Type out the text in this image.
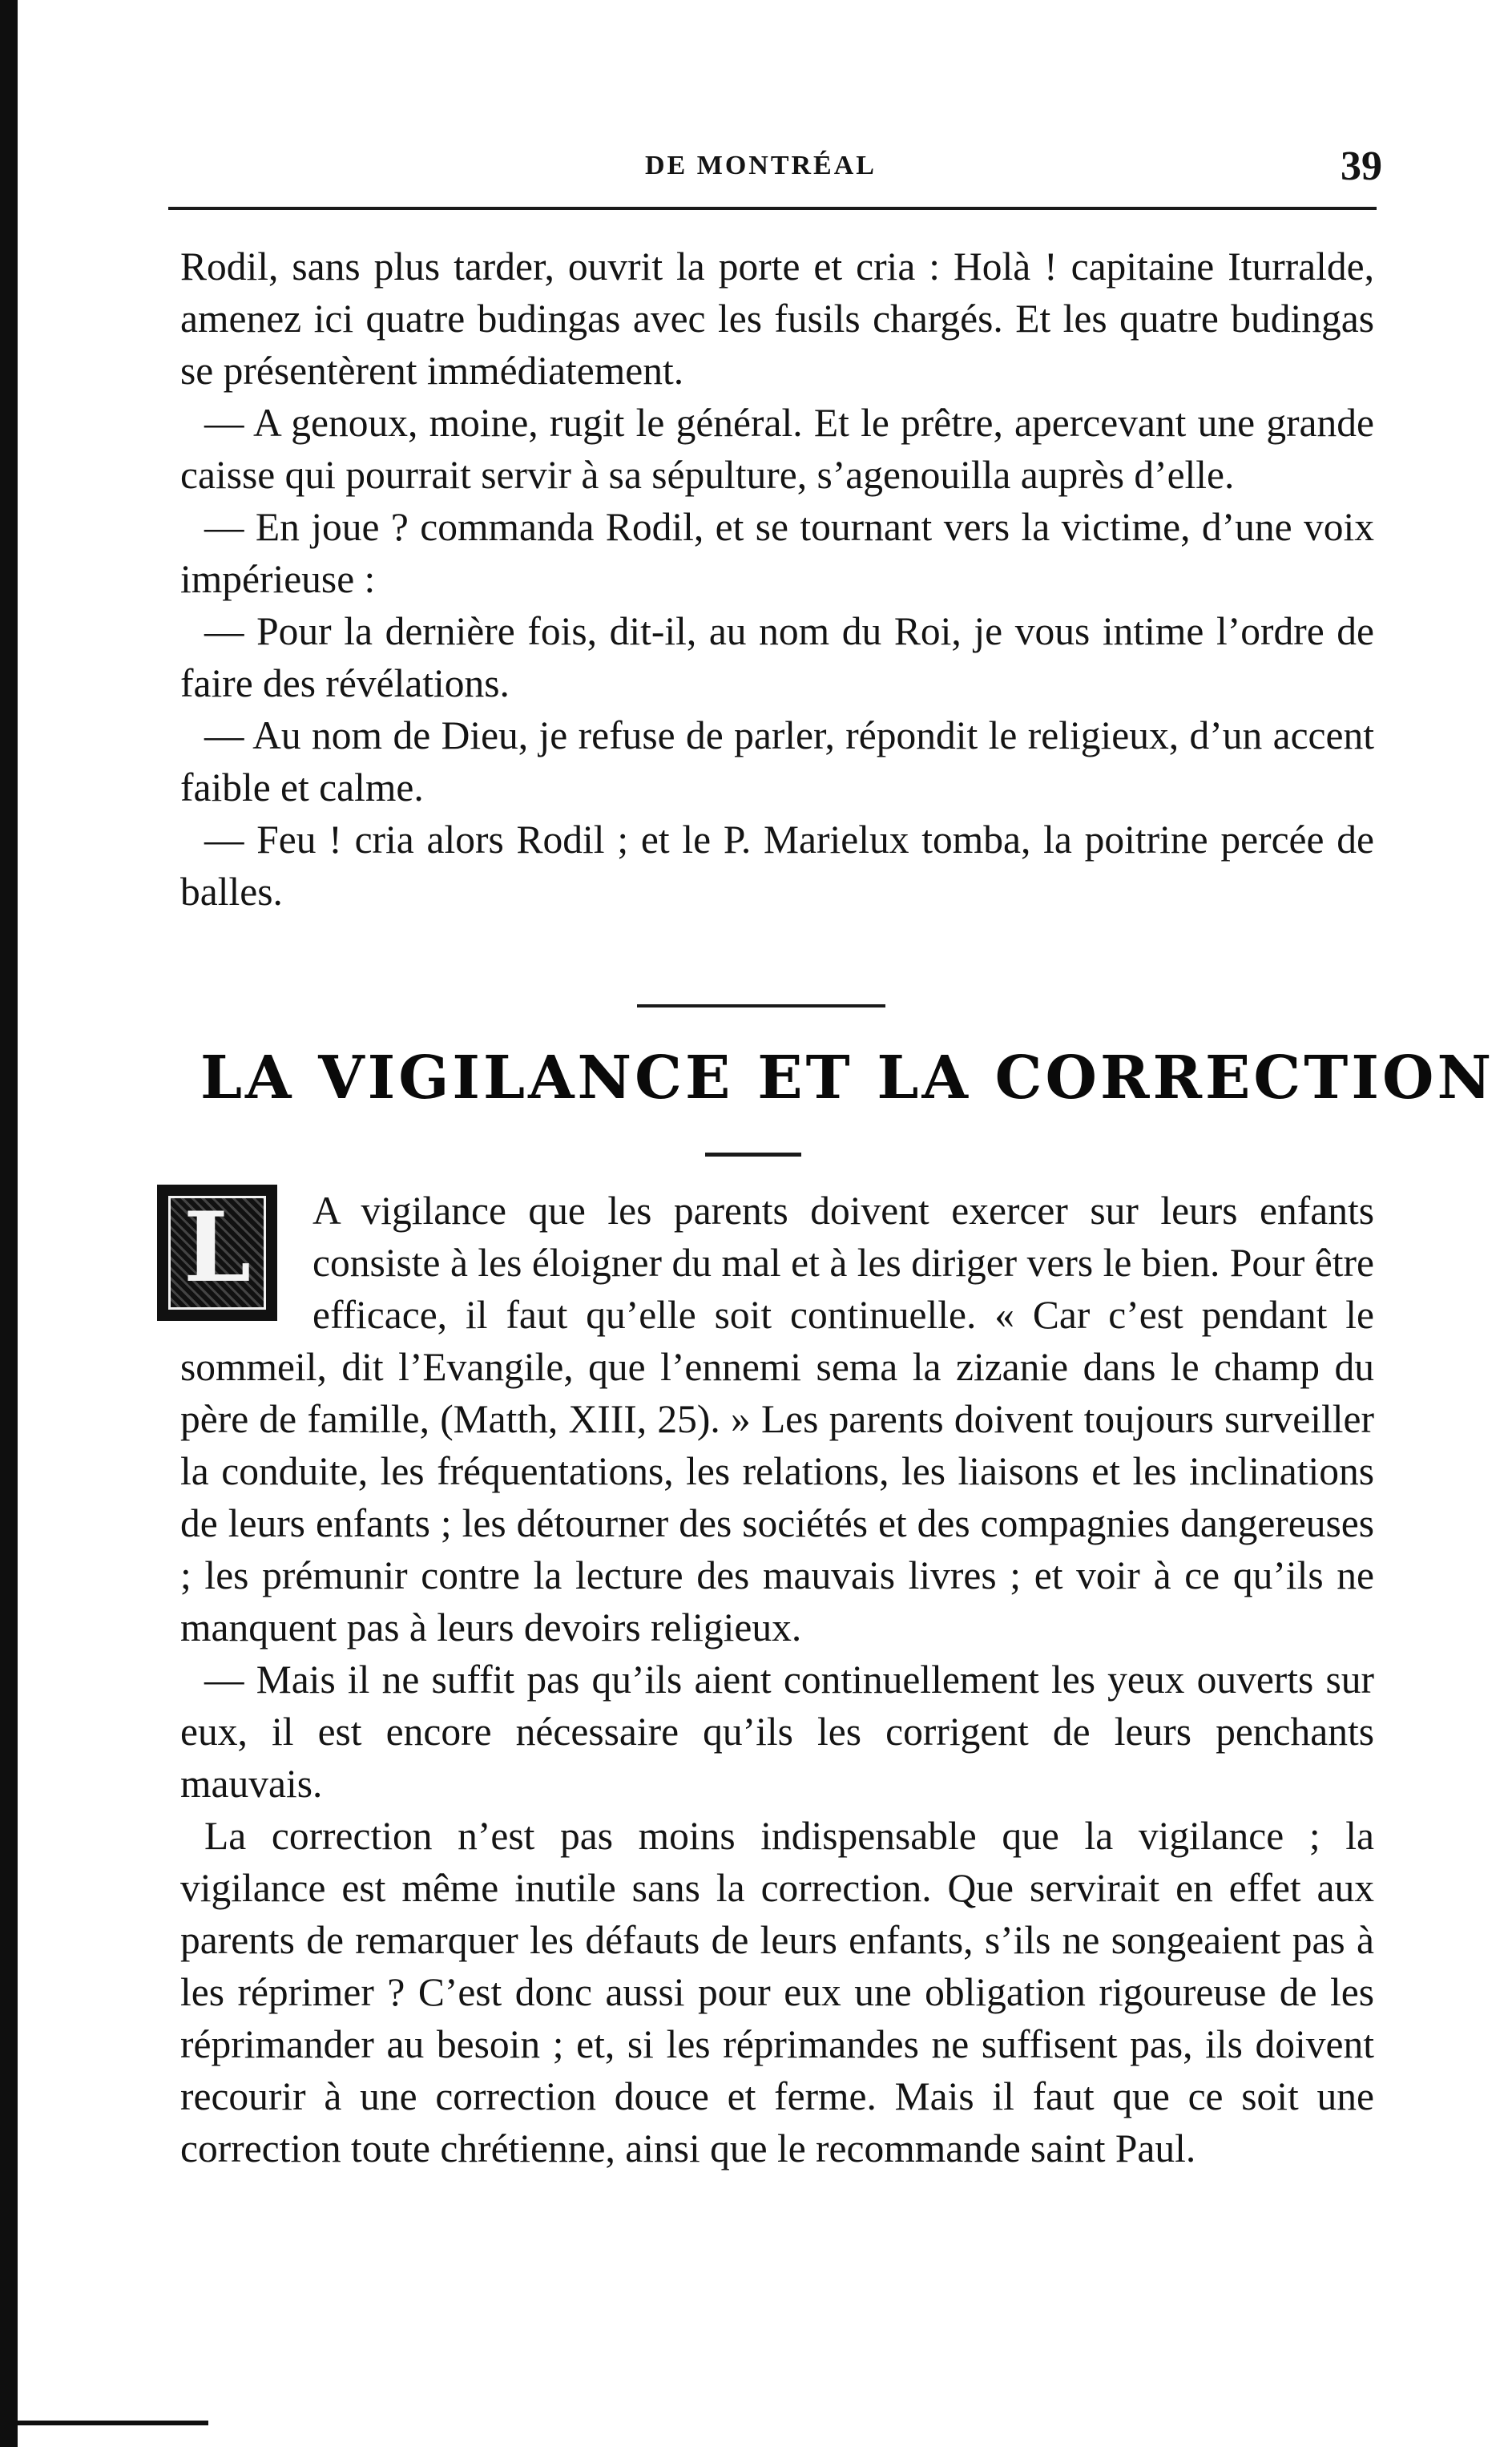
DE MONTRÉAL	39

Rodil, sans plus tarder, ouvrit la porte et cria : Holà ! capitaine Iturralde, amenez ici quatre budingas avec les fusils chargés. Et les quatre budingas se présentèrent immédiatement.

— A genoux, moine, rugit le général. Et le prêtre, apercevant une grande caisse qui pourrait servir à sa sépulture, s’agenouilla auprès d’elle.

— En joue ? commanda Rodil, et se tournant vers la victime, d’une voix impérieuse :

— Pour la dernière fois, dit-il, au nom du Roi, je vous intime l’ordre de faire des révélations.

— Au nom de Dieu, je refuse de parler, répondit le religieux, d’un accent faible et calme.

— Feu ! cria alors Rodil ; et le P. Marielux tomba, la poitrine percée de balles.

LA VIGILANCE ET LA CORRECTION

A vigilance que les parents doivent exercer sur leurs enfants consiste à les éloigner du mal et à les diriger vers le bien. Pour être efficace, il faut qu’elle soit continuelle. « Car c’est pendant le sommeil, dit l’Evangile, que l’ennemi sema la zizanie dans le champ du père de famille, (Matth, XIII, 25). » Les parents doivent toujours surveiller la conduite, les fréquentations, les relations, les liaisons et les inclinations de leurs enfants ; les détourner des sociétés et des compagnies dangereuses ; les prémunir contre la lecture des mauvais livres ; et voir à ce qu’ils ne manquent pas à leurs devoirs religieux.

— Mais il ne suffit pas qu’ils aient continuellement les yeux ouverts sur eux, il est encore nécessaire qu’ils les corrigent de leurs penchants mauvais.

La correction n’est pas moins indispensable que la vigilance ; la vigilance est même inutile sans la correction. Que servirait en effet aux parents de remarquer les défauts de leurs enfants, s’ils ne songeaient pas à les réprimer ? C’est donc aussi pour eux une obligation rigoureuse de les réprimander au besoin ; et, si les réprimandes ne suffisent pas, ils doivent recourir à une correction douce et ferme. Mais il faut que ce soit une correction toute chrétienne, ainsi que le recommande saint Paul.

L
